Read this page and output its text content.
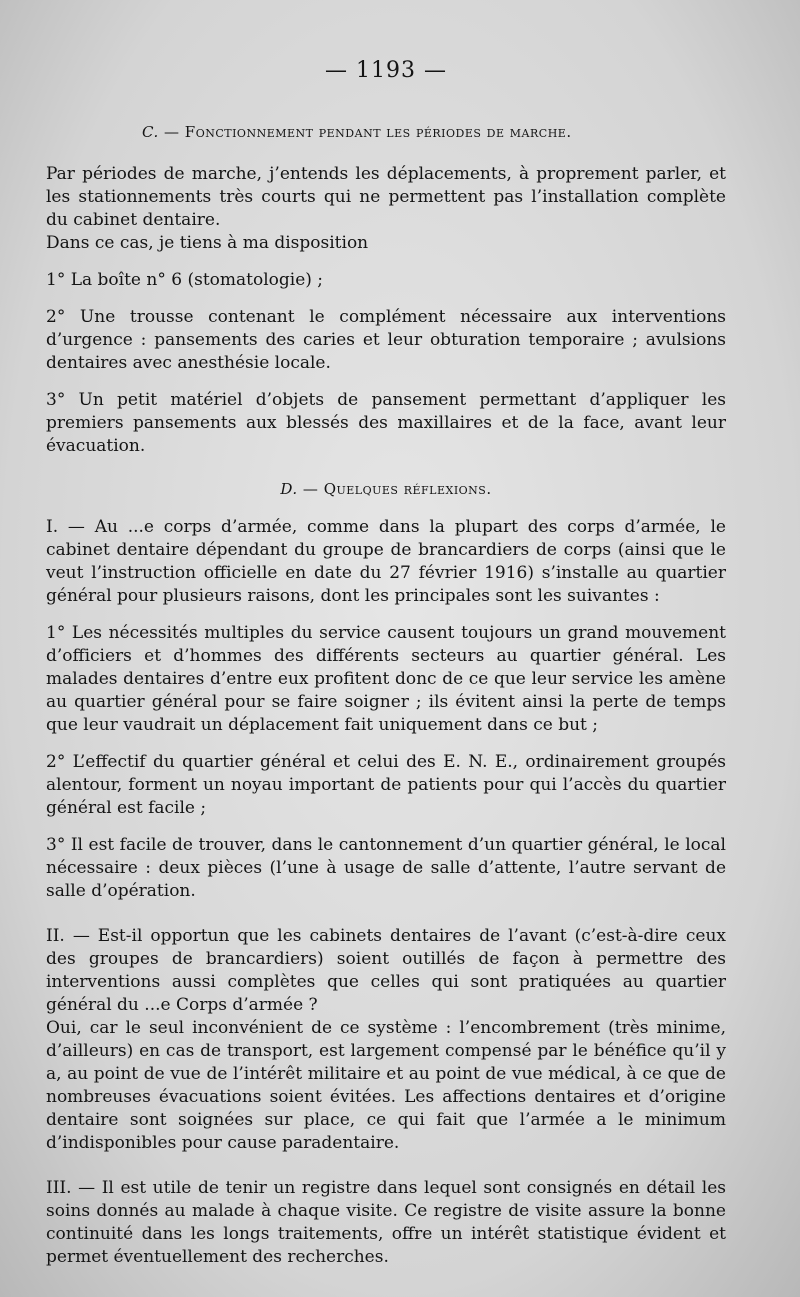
— 1193 —
C. — Fonctionnement pendant les périodes de marche.

Par périodes de marche, j’entends les déplacements, à proprement parler, et les stationnements très courts qui ne permettent pas l’installation complète du cabinet dentaire.

Dans ce cas, je tiens à ma disposition

1° La boîte n° 6 (stomatologie) ;

2° Une trousse contenant le complément nécessaire aux interventions d’urgence : pansements des caries et leur obturation temporaire ; avulsions dentaires avec anesthésie locale.

3° Un petit matériel d’objets de pansement permettant d’appliquer les premiers pansements aux blessés des maxillaires et de la face, avant leur évacuation.

D. — Quelques réflexions.

I. — Au ...e corps d’armée, comme dans la plupart des corps d’armée, le cabinet dentaire dépendant du groupe de brancardiers de corps (ainsi que le veut l’instruction officielle en date du 27 février 1916) s’installe au quartier général pour plusieurs raisons, dont les principales sont les suivantes :

1° Les nécessités multiples du service causent toujours un grand mouvement d’officiers et d’hommes des différents secteurs au quartier général. Les malades dentaires d’entre eux profitent donc de ce que leur service les amène au quartier général pour se faire soigner ; ils évitent ainsi la perte de temps que leur vaudrait un déplacement fait uniquement dans ce but ;

2° L’effectif du quartier général et celui des E. N. E., ordinairement groupés alentour, forment un noyau important de patients pour qui l’accès du quartier général est facile ;

3° Il est facile de trouver, dans le cantonnement d’un quartier général, le local nécessaire : deux pièces (l’une à usage de salle d’attente, l’autre servant de salle d’opération.

II. — Est-il opportun que les cabinets dentaires de l’avant (c’est-à-dire ceux des groupes de brancardiers) soient outillés de façon à permettre des interventions aussi complètes que celles qui sont pratiquées au quartier général du ...e Corps d’armée ?

Oui, car le seul inconvénient de ce système : l’encombrement (très minime, d’ailleurs) en cas de transport, est largement compensé par le bénéfice qu’il y a, au point de vue de l’intérêt militaire et au point de vue médical, à ce que de nombreuses évacuations soient évitées. Les affections dentaires et d’origine dentaire sont soignées sur place, ce qui fait que l’armée a le minimum d’indisponibles pour cause paradentaire.

III. — Il est utile de tenir un registre dans lequel sont consignés en détail les soins donnés au malade à chaque visite. Ce registre de visite assure la bonne continuité dans les longs traitements, offre un intérêt statistique évident et permet éventuellement des recherches.
